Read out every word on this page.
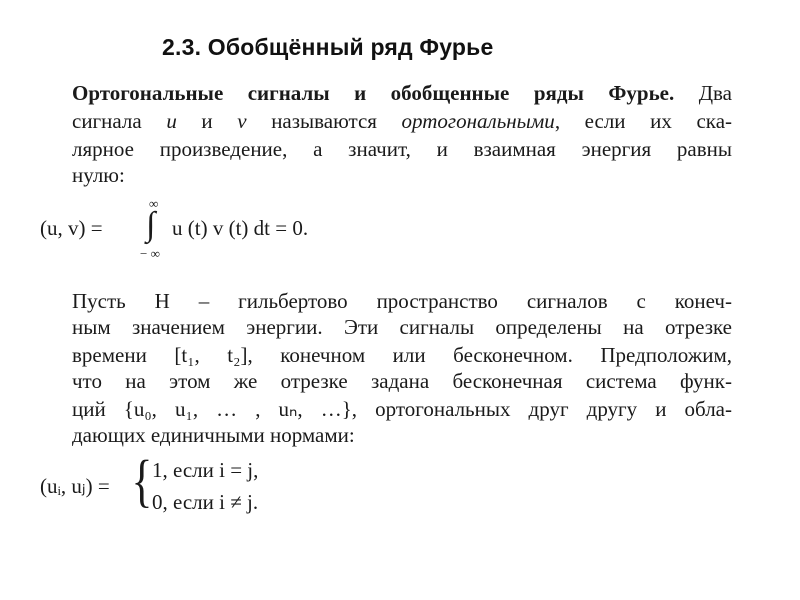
2.3. Обобщённый ряд Фурье
Ортогональные сигналы и обобщенные ряды Фурье. Два
сигнала u и v называются ортогональными, если их ска-
лярное произведение, а значит, и взаимная энергия равны
нулю:
(u, v) =
∞
∫
− ∞
u (t) v (t) dt = 0.
Пусть H – гильбертово пространство сигналов с конеч-
ным значением энергии. Эти сигналы определены на отрезке
времени [t₁, t₂], конечном или бесконечном. Предположим,
что на этом же отрезке задана бесконечная система функ-
ций {u₀, u₁, … , uₙ, …}, ортогональных друг другу и обла-
дающих единичными нормами:
(uᵢ, uⱼ) = { 1, если i = j,
0, если i ≠ j.
